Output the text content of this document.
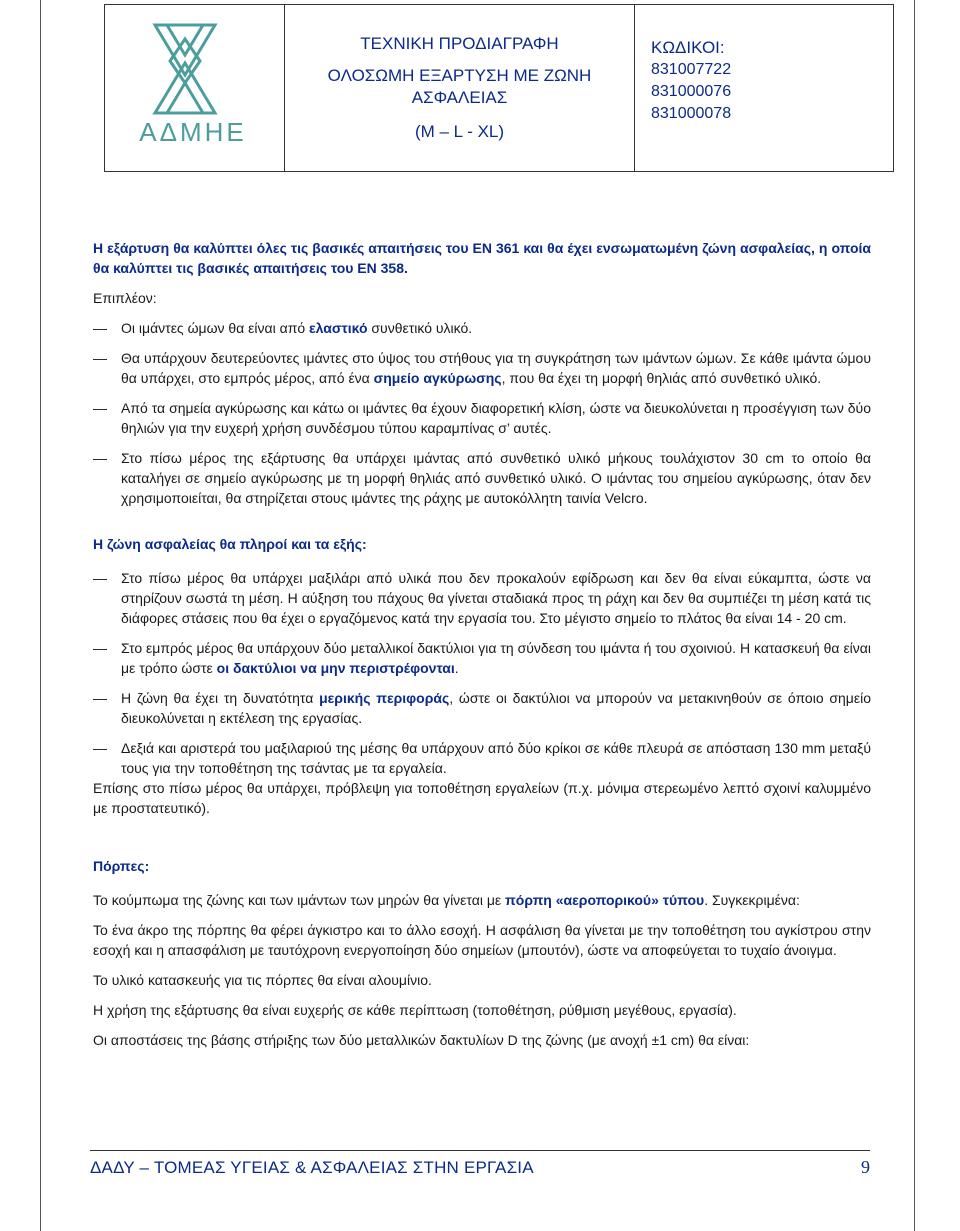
ΑΔΜΗΕ
ΤΕΧΝΙΚΗ ΠΡΟΔΙΑΓΡΑΦΗ
ΟΛΟΣΩΜΗ ΕΞΑΡΤΥΣΗ ΜΕ ΖΩΝΗ
ΑΣΦΑΛΕΙΑΣ
(M – L - XL)
ΚΩΔΙΚΟΙ:
831007722
831000076
831000078

Η εξάρτυση θα καλύπτει όλες τις βασικές απαιτήσεις του ΕΝ 361 και θα έχει ενσωματωμένη ζώνη ασφαλείας, η οποία θα καλύπτει τις βασικές απαιτήσεις του ΕΝ 358.

Επιπλέον:

— Οι ιμάντες ώμων θα είναι από ελαστικό συνθετικό υλικό.

— Θα υπάρχουν δευτερεύοντες ιμάντες στο ύψος του στήθους για τη συγκράτηση των ιμάντων ώμων. Σε κάθε ιμάντα ώμου θα υπάρχει, στο εμπρός μέρος, από ένα σημείο αγκύρωσης, που θα έχει τη μορφή θηλιάς από συνθετικό υλικό.

— Από τα σημεία αγκύρωσης και κάτω οι ιμάντες θα έχουν διαφορετική κλίση, ώστε να διευκολύνεται η προσέγγιση των δύο θηλιών για την ευχερή χρήση συνδέσμου τύπου καραμπίνας σ’ αυτές.

— Στο πίσω μέρος της εξάρτυσης θα υπάρχει ιμάντας από συνθετικό υλικό μήκους τουλάχιστον 30 cm το οποίο θα καταλήγει σε σημείο αγκύρωσης με τη μορφή θηλιάς από συνθετικό υλικό. Ο ιμάντας του σημείου αγκύρωσης, όταν δεν χρησιμοποιείται, θα στηρίζεται στους ιμάντες της ράχης με αυτοκόλλητη ταινία Velcro.

Η ζώνη ασφαλείας θα πληροί και τα εξής:

— Στο πίσω μέρος θα υπάρχει μαξιλάρι από υλικά που δεν προκαλούν εφίδρωση και δεν θα είναι εύκαμπτα, ώστε να στηρίζουν σωστά τη μέση. Η αύξηση του πάχους θα γίνεται σταδιακά προς τη ράχη και δεν θα συμπιέζει τη μέση κατά τις διάφορες στάσεις που θα έχει ο εργαζόμενος κατά την εργασία του. Στο μέγιστο σημείο το πλάτος θα είναι 14 - 20 cm.

— Στο εμπρός μέρος θα υπάρχουν δύο μεταλλικοί δακτύλιοι για τη σύνδεση του ιμάντα ή του σχοινιού. Η κατασκευή θα είναι με τρόπο ώστε οι δακτύλιοι να μην περιστρέφονται.

— Η ζώνη θα έχει τη δυνατότητα μερικής περιφοράς, ώστε οι δακτύλιοι να μπορούν να μετακινηθούν σε όποιο σημείο διευκολύνεται η εκτέλεση της εργασίας.

— Δεξιά και αριστερά του μαξιλαριού της μέσης θα υπάρχουν από δύο κρίκοι σε κάθε πλευρά σε απόσταση 130 mm μεταξύ τους για την τοποθέτηση της τσάντας με τα εργαλεία.

Επίσης στο πίσω μέρος θα υπάρχει, πρόβλεψη για τοποθέτηση εργαλείων (π.χ. μόνιμα στερεωμένο λεπτό σχοινί καλυμμένο με προστατευτικό).

Πόρπες:

Το κούμπωμα της ζώνης και των ιμάντων των μηρών θα γίνεται με πόρπη «αεροπορικού» τύπου. Συγκεκριμένα:

Το ένα άκρο της πόρπης θα φέρει άγκιστρο και το άλλο εσοχή. Η ασφάλιση θα γίνεται με την τοποθέτηση του αγκίστρου στην εσοχή και η απασφάλιση με ταυτόχρονη ενεργοποίηση δύο σημείων (μπουτόν), ώστε να αποφεύγεται το τυχαίο άνοιγμα.

Το υλικό κατασκευής για τις πόρπες θα είναι αλουμίνιο.

Η χρήση της εξάρτυσης θα είναι ευχερής σε κάθε περίπτωση (τοποθέτηση, ρύθμιση μεγέθους, εργασία).

Οι αποστάσεις της βάσης στήριξης των δύο μεταλλικών δακτυλίων D της ζώνης (με ανοχή ±1 cm) θα είναι:

ΔΑΔΥ – ΤΟΜΕΑΣ ΥΓΕΙΑΣ & ΑΣΦΑΛΕΙΑΣ ΣΤΗΝ ΕΡΓΑΣΙΑ	9
